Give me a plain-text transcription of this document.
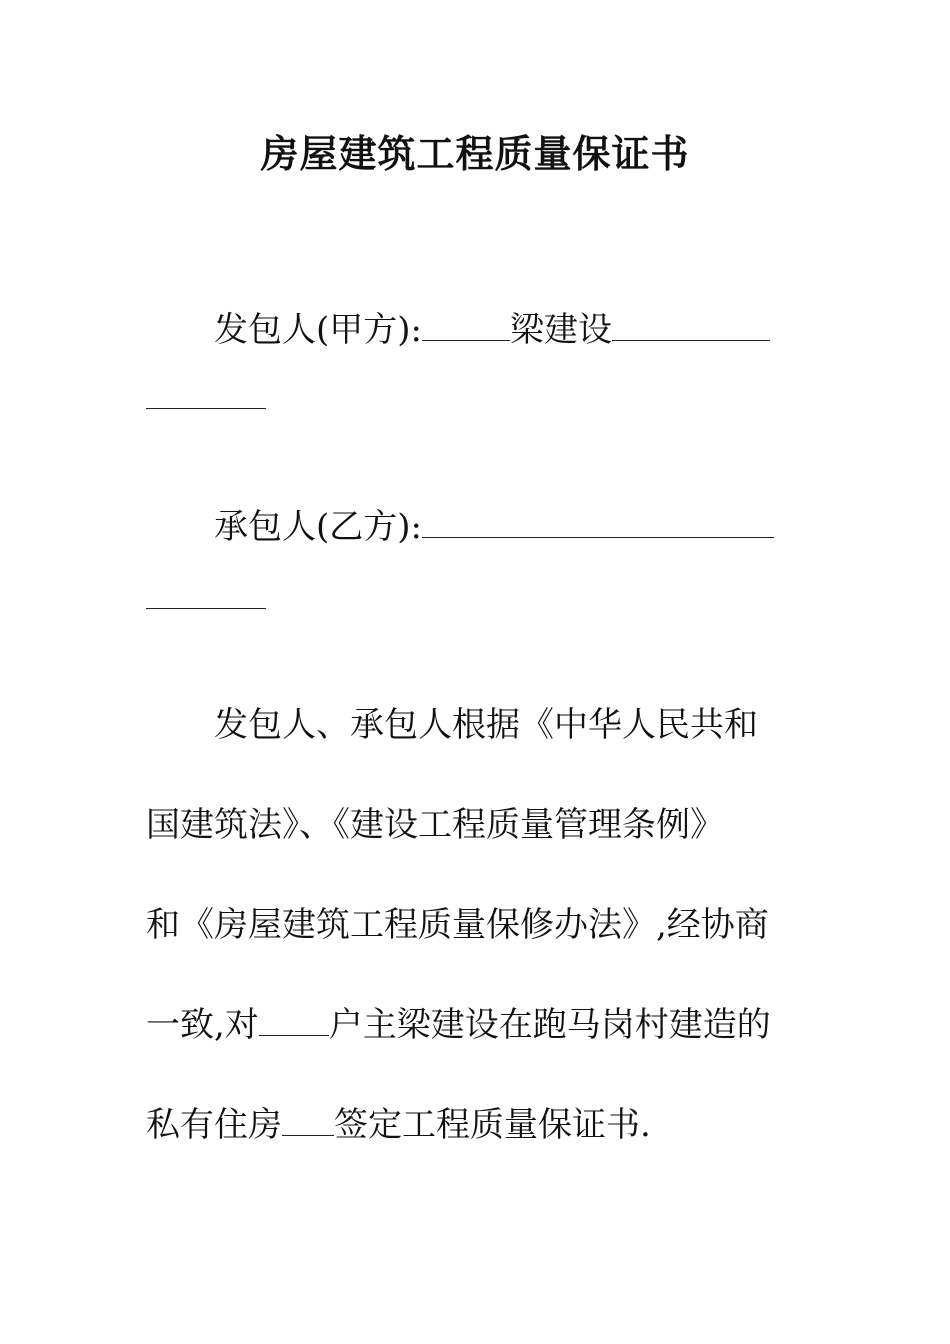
房屋建筑工程质量保证书
发包人(甲方):	梁建设
承包人(乙方):
发包人、承包人根据《中华人民共和
国建筑法》、《建设工程质量管理条例》
和《房屋建筑工程质量保修办法》,经协商
一致,对 户主梁建设在跑马岗村建造的
私有住房 签定工程质量保证书.
